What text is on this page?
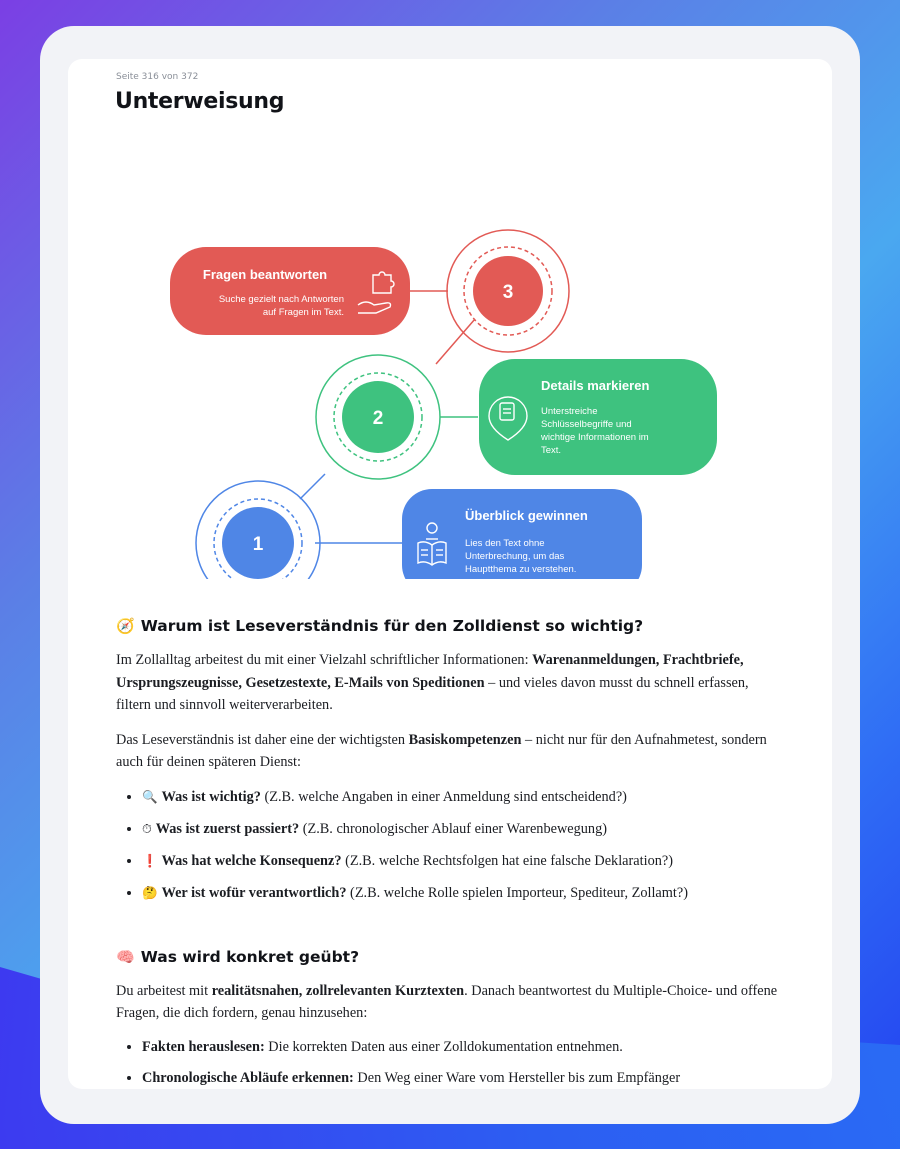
Seite 316 von 372
Unterweisung
Fragen beantworten
Suche gezielt nach Antworten
auf Fragen im Text.
3
2
Details markieren
Unterstreiche
Schlüsselbegriffe und
wichtige Informationen im
Text.
1
Überblick gewinnen
Lies den Text ohne
Unterbrechung, um das
Hauptthema zu verstehen.
🧭 Warum ist Leseverständnis für den Zolldienst so wichtig?

Im Zollalltag arbeitest du mit einer Vielzahl schriftlicher Informationen: Warenanmeldungen, Frachtbriefe, Ursprungszeugnisse, Gesetzestexte, E-Mails von Speditionen – und vieles davon musst du schnell erfassen, filtern und sinnvoll weiterverarbeiten.

Das Leseverständnis ist daher eine der wichtigsten Basiskompetenzen – nicht nur für den Aufnahmetest, sondern auch für deinen späteren Dienst:

• 🔍 Was ist wichtig? (Z.B. welche Angaben in einer Anmeldung sind entscheidend?)
• ⏱ Was ist zuerst passiert? (Z.B. chronologischer Ablauf einer Warenbewegung)
• ❗ Was hat welche Konsequenz? (Z.B. welche Rechtsfolgen hat eine falsche Deklaration?)
• 🤔 Wer ist wofür verantwortlich? (Z.B. welche Rolle spielen Importeur, Spediteur, Zollamt?)
🧠 Was wird konkret geübt?

Du arbeitest mit realitätsnahen, zollrelevanten Kurztexten. Danach beantwortest du Multiple-Choice- und offene Fragen, die dich fordern, genau hinzusehen:

• Fakten herauslesen: Die korrekten Daten aus einer Zolldokumentation entnehmen.
• Chronologische Abläufe erkennen: Den Weg einer Ware vom Hersteller bis zum Empfänger
